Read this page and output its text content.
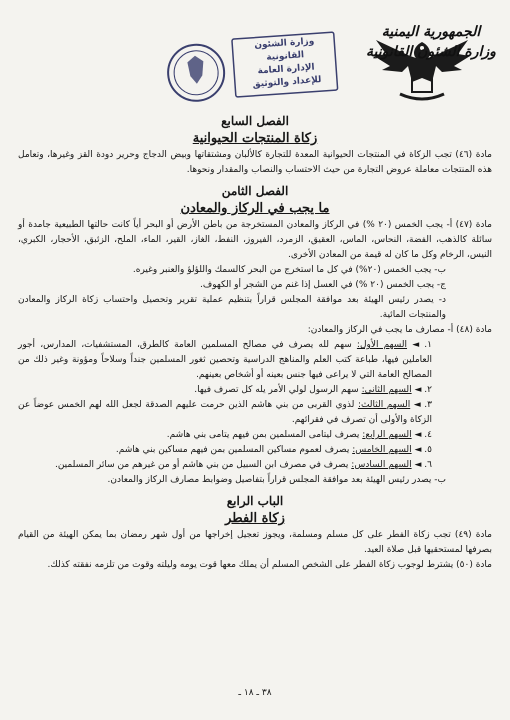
وزارة الشئون القانونية
الإدارة العامة
للإعداد والتوثيق
الجمهورية اليمنية
وزارة الشئون القانونية
الفصل السابع
زكاة المنتجات الحيوانية

مادة (٤٦) تجب الزكاة في المنتجات الحيوانية المعدة للتجارة كالألبان ومشتقاتها وبيض الدجاج وحرير دودة القز وغيرها، وتعامل هذه المنتجات معاملة عروض التجارة من حيث الاحتساب والنصاب والمقدار ونحوها.

الفصل الثامن
ما يجب في الركاز والمعادن

مادة (٤٧) أ- يجب الخمس (٢٠ %) في الركاز والمعادن المستخرجة من باطن الأرض أو البحر أياً كانت حالتها الطبيعية جامدة أو سائلة كالذهب، الفضة، النحاس، الماس، العقيق، الزمرد، الفيروز، النفط، الغاز، القير، الماء، الملح، الزئبق، الأحجار، الكبري، النيس، الرخام وكل ما كان له قيمة من المعادن الأخرى.

ب- يجب الخمس (٢٠%) في كل ما استخرج من البحر كالسمك واللؤلؤ والعنبر وغيره.

ج- يجب الخمس (٢٠ %) في العسل إذا غنم من الشجر أو الكهوف.

د- يصدر رئيس الهيئة بعد موافقة المجلس قراراً بتنظيم عملية تقرير وتحصيل واحتساب زكاة الركاز والمعادن والمنتجات المائية.

مادة (٤٨) أ- مصارف ما يجب في الركاز والمعادن:

١. ◄ السهم الأول: سهم لله يصرف في مصالح المسلمين العامة كالطرق، المستشفيات، المدارس، أجور العاملين فيها، طباعة كتب العلم والمناهج الدراسية وتحصين ثغور المسلمين جنداً وسلاحاً ومؤونة وغير ذلك من المصالح العامة التي لا يراعى فيها جنس بعينه أو أشخاص بعينهم.

٢. ◄ السهم الثاني: سهم الرسول لولي الأمر يله كل تصرف فيها.

٣. ◄ السهم الثالث: لذوي القربى من بني هاشم الذين حرمت عليهم الصدقة لجعل الله لهم الخمس عوضاً عن الزكاة والأولى أن تصرف في فقرائهم.

٤. ◄ السهم الرابع: يصرف ليتامى المسلمين بمن فيهم يتامى بني هاشم.

٥. ◄ السهم الخامس: يصرف لعموم مساكين المسلمين بمن فيهم مساكين بني هاشم.

٦. ◄ السهم السادس: يصرف في مصرف ابن السبيل من بني هاشم أو من غيرهم من سائر المسلمين.

ب- يصدر رئيس الهيئة بعد موافقة المجلس قراراً بتفاصيل وضوابط مصارف الركاز والمعادن.

الباب الرابع
زكاة الفطر

مادة (٤٩) تجب زكاة الفطر على كل مسلم ومسلمة، ويجوز تعجيل إخراجها من أول شهر رمضان بما يمكن الهيئة من القيام بصرفها لمستحقيها قبل صلاة العيد.

مادة (٥٠) يشترط لوجوب زكاة الفطر على الشخص المسلم أن يملك معها قوت يومه وليلته وقوت من تلزمه نفقته كذلك.

٣٨ ـ ١٨ ـ
